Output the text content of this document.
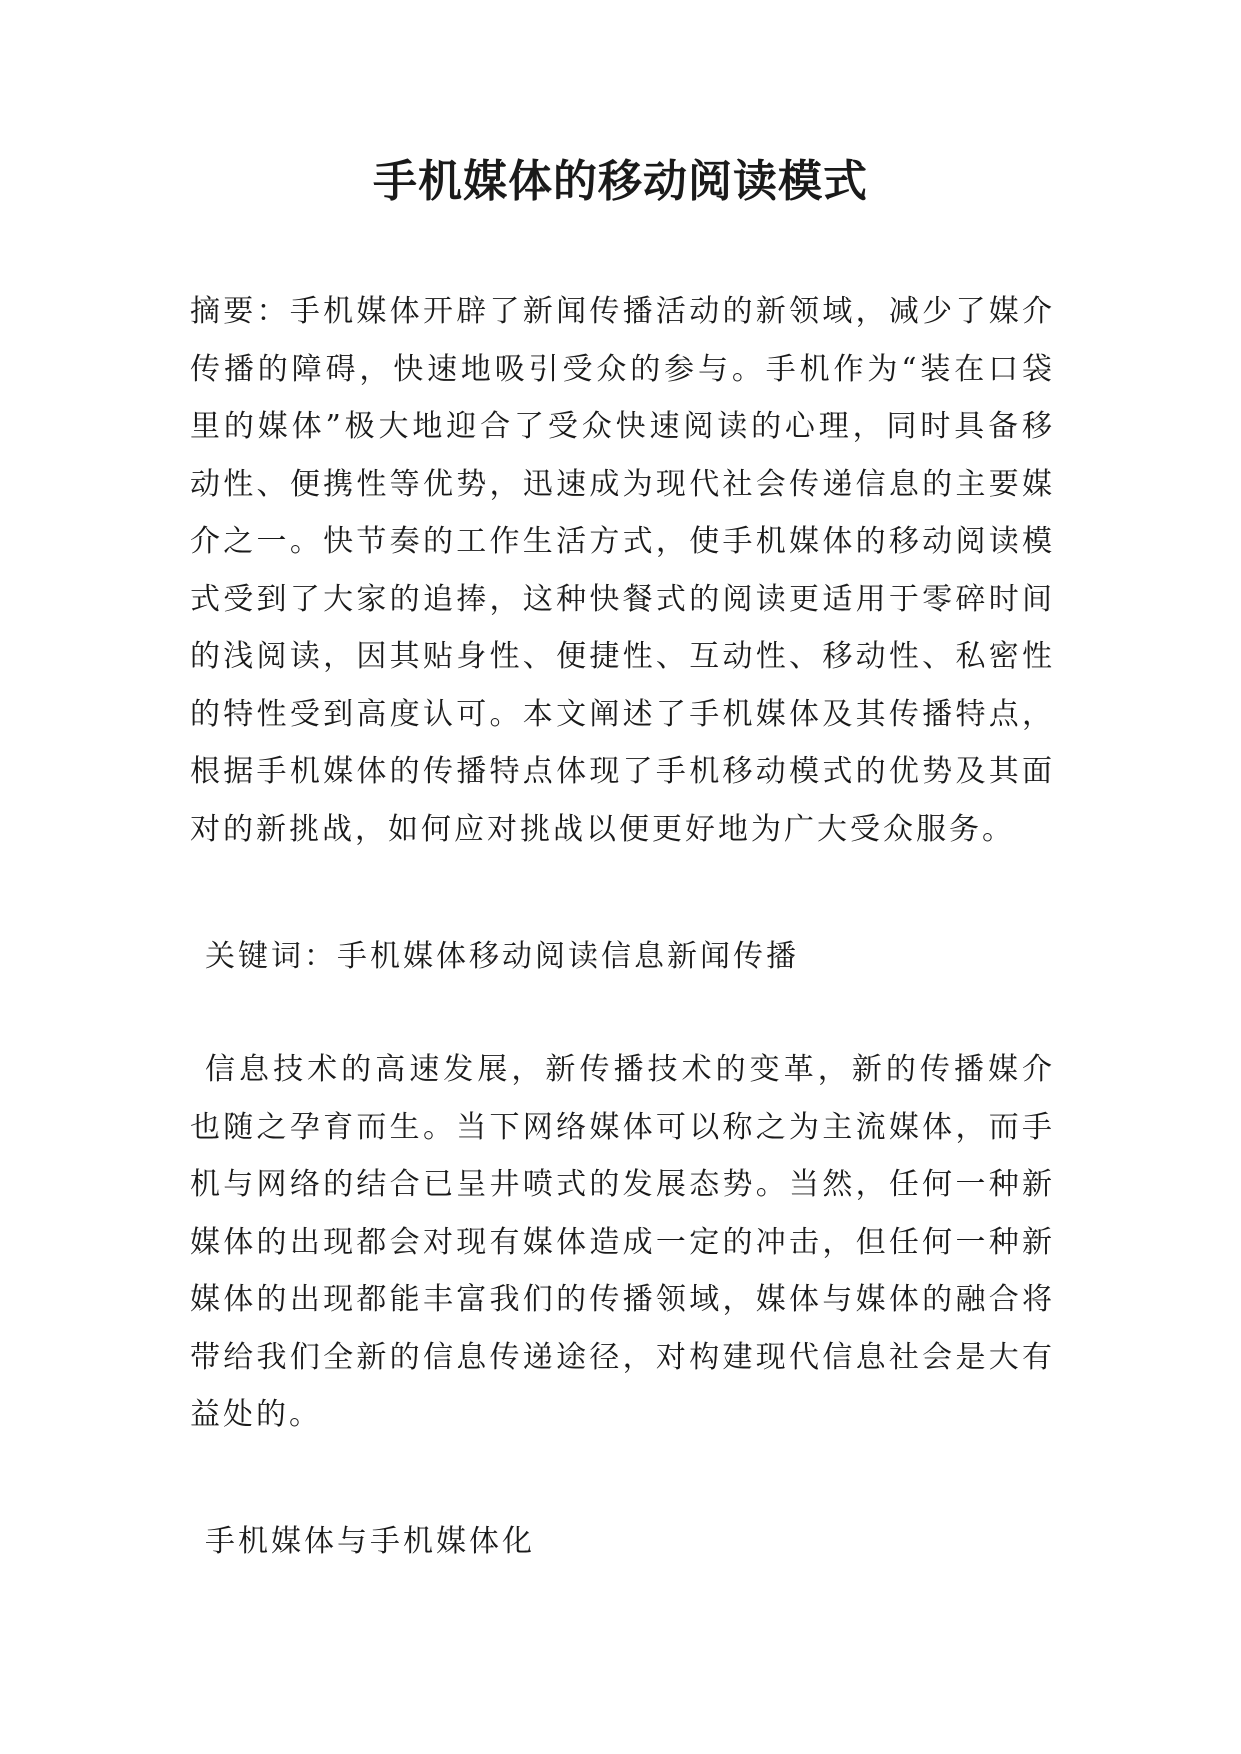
手机媒体的移动阅读模式

摘要：手机媒体开辟了新闻传播活动的新领域，减少了媒介传播的障碍，快速地吸引受众的参与。手机作为“装在口袋里的媒体”极大地迎合了受众快速阅读的心理，同时具备移动性、便携性等优势，迅速成为现代社会传递信息的主要媒介之一。快节奏的工作生活方式，使手机媒体的移动阅读模式受到了大家的追捧，这种快餐式的阅读更适用于零碎时间的浅阅读，因其贴身性、便捷性、互动性、移动性、私密性的特性受到高度认可。本文阐述了手机媒体及其传播特点，根据手机媒体的传播特点体现了手机移动模式的优势及其面对的新挑战，如何应对挑战以便更好地为广大受众服务。

关键词：手机媒体移动阅读信息新闻传播

信息技术的高速发展，新传播技术的变革，新的传播媒介也随之孕育而生。当下网络媒体可以称之为主流媒体，而手机与网络的结合已呈井喷式的发展态势。当然，任何一种新媒体的出现都会对现有媒体造成一定的冲击，但任何一种新媒体的出现都能丰富我们的传播领域，媒体与媒体的融合将带给我们全新的信息传递途径，对构建现代信息社会是大有益处的。

手机媒体与手机媒体化
